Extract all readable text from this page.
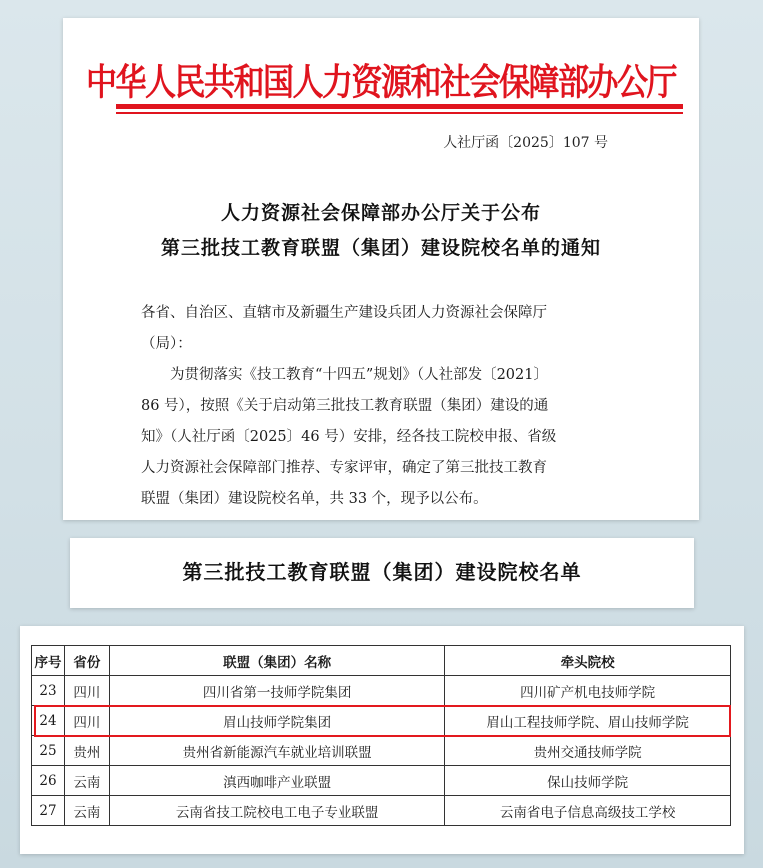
中华人民共和国人力资源和社会保障部办公厅
人社厅函〔2025〕107 号
人力资源社会保障部办公厅关于公布
第三批技工教育联盟（集团）建设院校名单的通知
各省、自治区、直辖市及新疆生产建设兵团人力资源社会保障厅
（局）：
为贯彻落实《技工教育“十四五”规划》（人社部发〔2021〕
86 号），按照《关于启动第三批技工教育联盟（集团）建设的通
知》（人社厅函〔2025〕46 号）安排，经各技工院校申报、省级
人力资源社会保障部门推荐、专家评审，确定了第三批技工教育
联盟（集团）建设院校名单，共 33 个，现予以公布。
第三批技工教育联盟（集团）建设院校名单
序号	省份	联盟（集团）名称	牵头院校
23	四川	四川省第一技师学院集团	四川矿产机电技师学院
24	四川	眉山技师学院集团	眉山工程技师学院、眉山技师学院
25	贵州	贵州省新能源汽车就业培训联盟	贵州交通技师学院
26	云南	滇西咖啡产业联盟	保山技师学院
27	云南	云南省技工院校电工电子专业联盟	云南省电子信息高级技工学校
